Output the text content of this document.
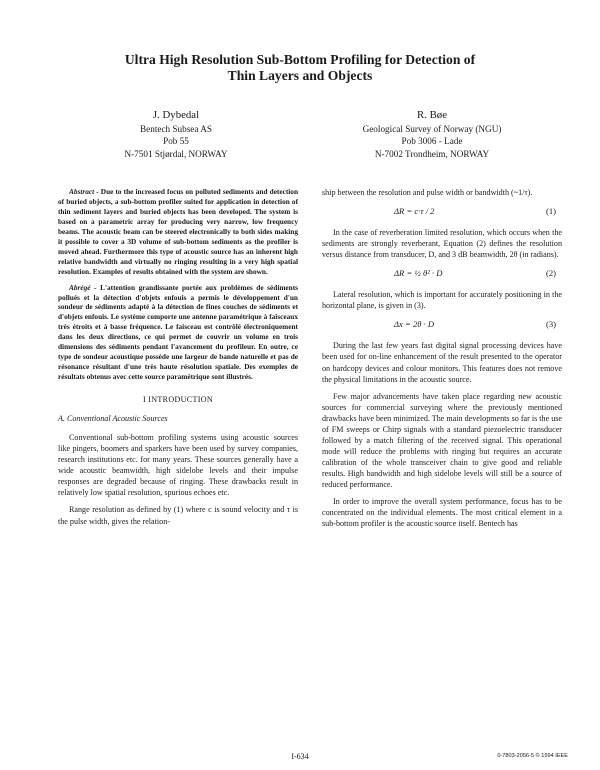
Ultra High Resolution Sub-Bottom Profiling for Detection of
Thin Layers and Objects
J. Dybedal
Bentech Subsea AS
Pob 55
N-7501 Stjørdal, NORWAY
R. Bøe
Geological Survey of Norway (NGU)
Pob 3006 - Lade
N-7002 Trondheim, NORWAY

Abstract - Due to the increased focus on polluted sediments and detection of buried objects, a sub-bottom profiler suited for application in detection of thin sediment layers and buried objects has been developed. The system is based on a parametric array for producing very narrow, low frequency beams. The acoustic beam can be steered electronically to both sides making it possible to cover a 3D volume of sub-bottom sediments as the profiler is moved ahead. Furthermore this type of acoustic source has an inherent high relative bandwidth and virtually no ringing resulting in a very high spatial resolution. Examples of results obtained with the system are shown.

Abrégé - L'attention grandissante portée aux problèmes de sédiments pollués et la détection d'objets enfouis a permis le développement d'un sondeur de sédiments adapté à la détection de fines couches de sédiments et d'objets enfouis. Le système comporte une antenne paramétrique à faisceaux très étroits et à basse fréquence. Le faisceau est contrôlé électroniquement dans les deux directions, ce qui permet de couvrir un volume en trois dimensions des sédiments pendant l'avancement du profileur. En outre, ce type de sondeur acoustique possède une largeur de bande naturelle et pas de résonance résultant d'une très haute résolution spatiale. Des exemples de résultats obtenus avec cette source paramétrique sont illustrés.

I INTRODUCTION
A. Conventional Acoustic Sources

Conventional sub-bottom profiling systems using acoustic sources like pingers, boomers and sparkers have been used by survey companies, research institutions etc. for many years. These sources generally have a wide acoustic beamwidth, high sidelobe levels and their impulse responses are degraded because of ringing. These drawbacks result in relatively low spatial resolution, spurious echoes etc.

Range resolution as defined by (1) where c is sound velocity and τ is the pulse width, gives the relation-

ship between the resolution and pulse width or bandwidth (~1/τ).

ΔR = c·τ / 2	(1)

In the case of reverberation limited resolution, which occurs when the sediments are strongly reverberant, Equation (2) defines the resolution versus distance from transducer, D, and 3 dB beamwidth, 2θ (in radians).

ΔR = ½ θ² · D	(2)

Lateral resolution, which is important for accurately positioning in the horizontal plane, is given in (3).

Δx = 2θ · D	(3)

During the last few years fast digital signal processing devices have been used for on-line enhancement of the result presented to the operator on hardcopy devices and colour monitors. This features does not remove the physical limitations in the acoustic source.

Few major advancements have taken place regarding new acoustic sources for commercial surveying where the previously mentioned drawbacks have been minimized. The main developments so far is the use of FM sweeps or Chirp signals with a standard piezoelectric transducer followed by a match filtering of the received signal. This operational mode will reduce the problems with ringing but requires an accurate calibration of the whole transceiver chain to give good and reliable results. High bandwidth and high sidelobe levels will still be a source of reduced performance.

In order to improve the overall system performance, focus has to be concentrated on the individual elements. The most critical element in a sub-bottom profiler is the acoustic source itself. Bentech has

I-634	0-7803-2056-5 © 1994 IEEE
